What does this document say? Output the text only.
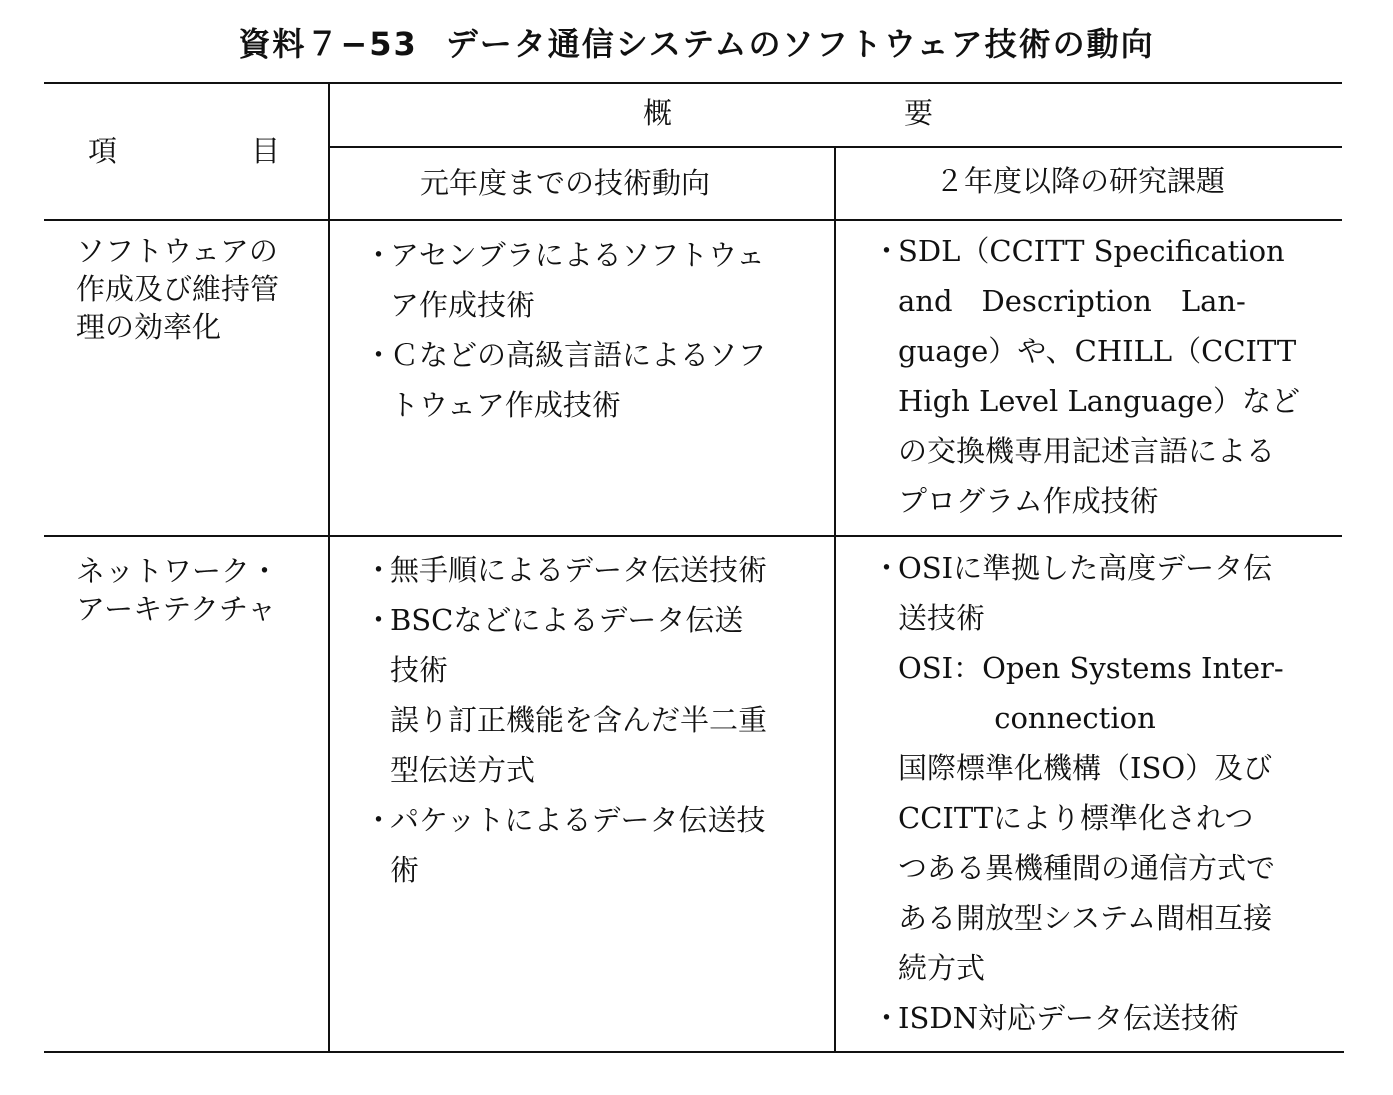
資料７−53 データ通信システムのソフトウェア技術の動向
項　　　目
概　　　　　　　　要
元年度までの技術動向	２年度以降の研究課題
ソフトウェアの
作成及び維持管
理の効率化
・アセンブラによるソフトウェ
ア作成技術
・Ｃなどの高級言語によるソフ
トウェア作成技術
・SDL（CCITT Specification
and　Description　Lan-
guage）や、CHILL（CCITT
High Level Language）など
の交換機専用記述言語による
プログラム作成技術
ネットワーク・
アーキテクチャ
・無手順によるデータ伝送技術
・BSCなどによるデータ伝送
技術
誤り訂正機能を含んだ半二重
型伝送方式
・パケットによるデータ伝送技
術
・OSIに準拠した高度データ伝
送技術
OSI：Open Systems Inter-
　　　 connection
国際標準化機構（ISO）及び
CCITTにより標準化されつ
つある異機種間の通信方式で
ある開放型システム間相互接
続方式
・ISDN対応データ伝送技術
